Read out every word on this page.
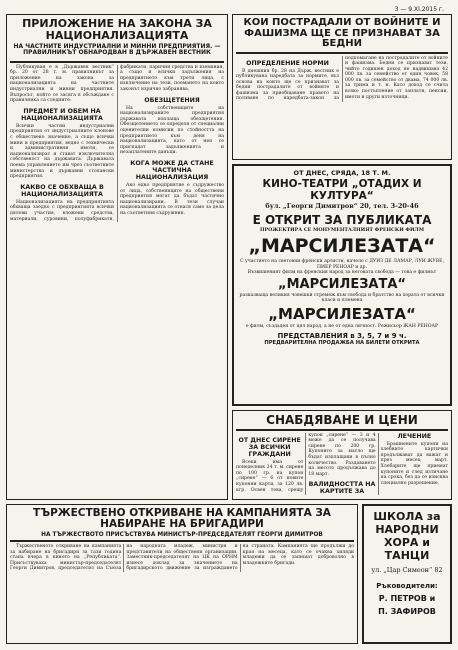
3 — 9.XI.2015 г.
ПРИЛОЖЕНИЕ НА ЗАКОНА ЗА НАЦИОНАЛИЗАЦИЯТА
НА ЧАСТНИТЕ ИНДУСТРИАЛНИ И МИННИ ПРЕДПРИЯТИЯ. — ПРАВИЛНИКЪТ ОБНАРОДВАН В ДЪРЖАВЕН ВЕСТНИК

Публикуван е в „Държавен вестник“ бр. 20 от 28 т. м. правилникът за приложение на закона за национализацията на частните индустриални и минни предприятия. Въпросът, който се засяга в обсъждане с правилника са следните:

ПРЕДМЕТ И ОБЕМ НА НАЦИОНАЛИЗАЦИЯТА

Всички частни индустриални предприятия от индустриалните клонове с обществено значение, а също всички мини и предприятия, ведно с технически и административни имоти, се национализират и стават изключителна собственост на държавата. Държавата поема управлението им чрез съответните министерства и държавни стопански предприятия.

КАКВО СЕ ОБХВАЩА В НАЦИОНАЛИЗАЦИЯТА

Национализацията на предприятията обхваща заедно с предприятията всички дялови участия, вложени средства, материали, суровини, полуфабрикати, фабрикати, парични средства и вземания, а също и всички задължения на предприятието към трети лица, с изключение на тези, поемането на които законът изрично забранява.

ОБЕЗЩЕТЕНИЯ

На собствениците на национализираните предприятия държавата изплаща обезщетения. Обезщетението се определя от специални оценителни комисии по стойността на предприятието към деня на национализацията, като от нея се приспадат задълженията и незаплатените данъци.

КОГА МОЖЕ ДА СТАНЕ ЧАСТИЧНА НАЦИОНАЛИЗАЦИЯ

Ако едно предприятие е съдружество от лица, собствениците на обществени предприятия могат да бъдат частично национализирани. В тези случаи национализацията се отнася само за дела на съответния съдружник.

КОИ ПОСТРАДАЛИ ОТ ВОЙНИТЕ И ФАШИЗМА ЩЕ СЕ ПРИЗНАВАТ ЗА БЕДНИ
ОПРЕДЕЛЕНИЕ НОРМИ

В днешния бр. 28 на Държ. вестник е публикувана наредбата за нормите, въз основа на които ще се признават за бедни пострадалите от войните и фашизма за приобщаване правото на ползване по наредбата-закон за подпомагане на пострадалите от войните и фашизма. Бедни се признават тези, чийто годишен доход не надвишава 42 000 лв. за семейство от един човек, 58 000 лв. за семейство от двама, 74 000 лв. за трима и т. н. Като доход се счита всяко постъпление от заплати, пенсии, имоти и други източници.

ОТ ДНЕС, СРЯДА, 18 Т. М.
КИНО-ТЕАТРИ „ОТАДИХ И КУЛТУРА“
бул. „Георги Димитров“ 20, тел. 3-20-46
Е ОТКРИТ ЗА ПУБЛИКАТА
ПРОЖЕКТИРА СЕ МОНУМЕНТАЛНИЯТ ФРЕНСКИ ФИЛМ
„МАРСИЛЕЗАТА“
С участието на световни френски артисти, начело с ДУИЗ ДЕ ЛАМАР, ЛУИ ЖУВЕ, ПИЕР РЕНОАР и др.
Възвишеният филм на френския народ за неговата свобода — това е филмът
„МАРСИЛЕЗАТА“
разказваща великия човешки стремеж към свобода и братство на хората от всички класи и племена
„МАРСИЛЕЗАТА“
е филм, създаден от цял народ, а не от една личност. Режисьор ЖАН РЕНОАР
ПРЕДСТАВЛЕНИЯ в 3, 5, 7 и 9 ч.
ПРЕДВАРИТЕЛНА ПРОДАЖБА НА БИЛЕТИ ОТКРИТА
СНАБДЯВАНЕ И ЦЕНИ
ОТ ДНЕС СИРЕНЕ ЗА ВСИЧКИ ГРАЖДАНИ

Всеки има от понеделник 24 т. м. сирене по 100 гр. на купон „сирене“ — 6 от новите купонни карти, за 120 лв. кгр. Освен това, срещу купон „сирене“ — 3 и 4 може да се получава сирене по 200 гр. Купоните за масло ще бъдат изплащани в пълно количество. Раздаването на месото продължава до 18 март.

ВАЛИДНОСТТА НА КАРТИТЕ ЗА ЛЕЧЕНИЕ

Брашнените купони на хлебните картички продължават да важат и през месец март. Хлебарите ще приемат купоните и след изтичане на срока, без да се изисква специално разрешение.

ТЪРЖЕСТВЕНО ОТКРИВАНЕ НА КАМПАНИЯТА ЗА НАБИРАНЕ НА БРИГАДИРИ
НА ТЪРЖЕСТВОТО ПРИСЪСТВУВА МИНИСТЪР-ПРЕДСЕДАТЕЛЯТ ГЕОРГИ ДИМИТРОВ

Тържественото откриване на кампанията за набиране на бригадири за тази година стана вчера в киното на „Републиката“. Присъствуваха министър-председателят Георги Димитров, председателят на Съюза на народната младеж, министри и представители на обществени организации. Заместник-председателят на ЦК на ОРНМ изнесе доклад за значението на бригадирското движение за изграждането на страната. Кампанията ще продължи до края на месеца, като се очаква хиляди младежи да се запишат доброволно в младежките бригади.

ШКОЛА за НАРОДНИ ХОРА и ТАНЦИ
ул. „Цар Симеон“ 82
Ръководители:
Р. ПЕТРОВ и
П. ЗАФИРОВ
